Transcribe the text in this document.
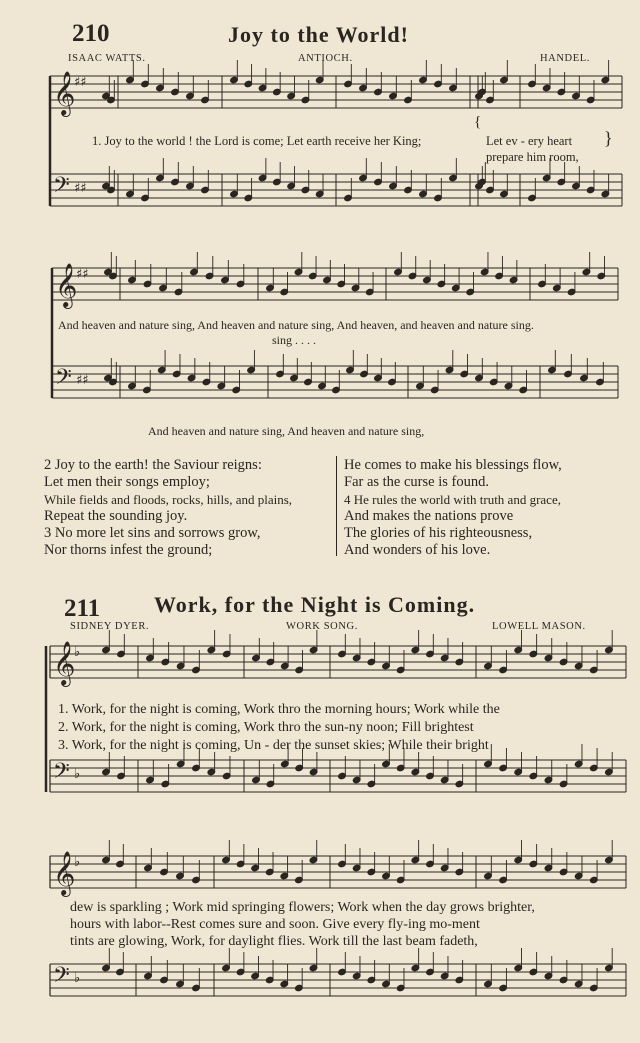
210	Joy to the World!
ISAAC WATTS.	ANTIOCH.	HANDEL.
1. Joy to the world ! the Lord is come; Let earth receive her King;
{
Let ev - ery heart
prepare him room,
}
And heaven and nature sing, And heaven and nature sing, And heaven, and heaven and nature sing.
sing . . . .
And heaven and nature sing, And heaven and nature sing,
2 Joy to the earth! the Saviour reigns:
Let men their songs employ;
While fields and floods, rocks, hills, and plains,
Repeat the sounding joy.
3 No more let sins and sorrows grow,
Nor thorns infest the ground;
He comes to make his blessings flow,
Far as the curse is found.
4 He rules the world with truth and grace,
And makes the nations prove
The glories of his righteousness,
And wonders of his love.
211 Work, for the Night is Coming.
SIDNEY DYER.	WORK SONG.	LOWELL MASON.
1. Work, for the night is coming, Work thro the morning hours; Work while the
2. Work, for the night is coming, Work thro the sun-ny noon; Fill brightest
3. Work, for the night is coming, Un - der the sunset skies; While their bright
dew is sparkling ; Work mid springing flowers; Work when the day grows brighter,
hours with labor--Rest comes sure and soon. Give every fly-ing mo-ment
tints are glowing, Work, for daylight flies. Work till the last beam fadeth,
𝄞
♯♯
𝄢 ♯♯
𝄞
♯♯
𝄢 ♯♯
𝄞
♭
𝄢 ♭
𝄞
♭
𝄢 ♭
